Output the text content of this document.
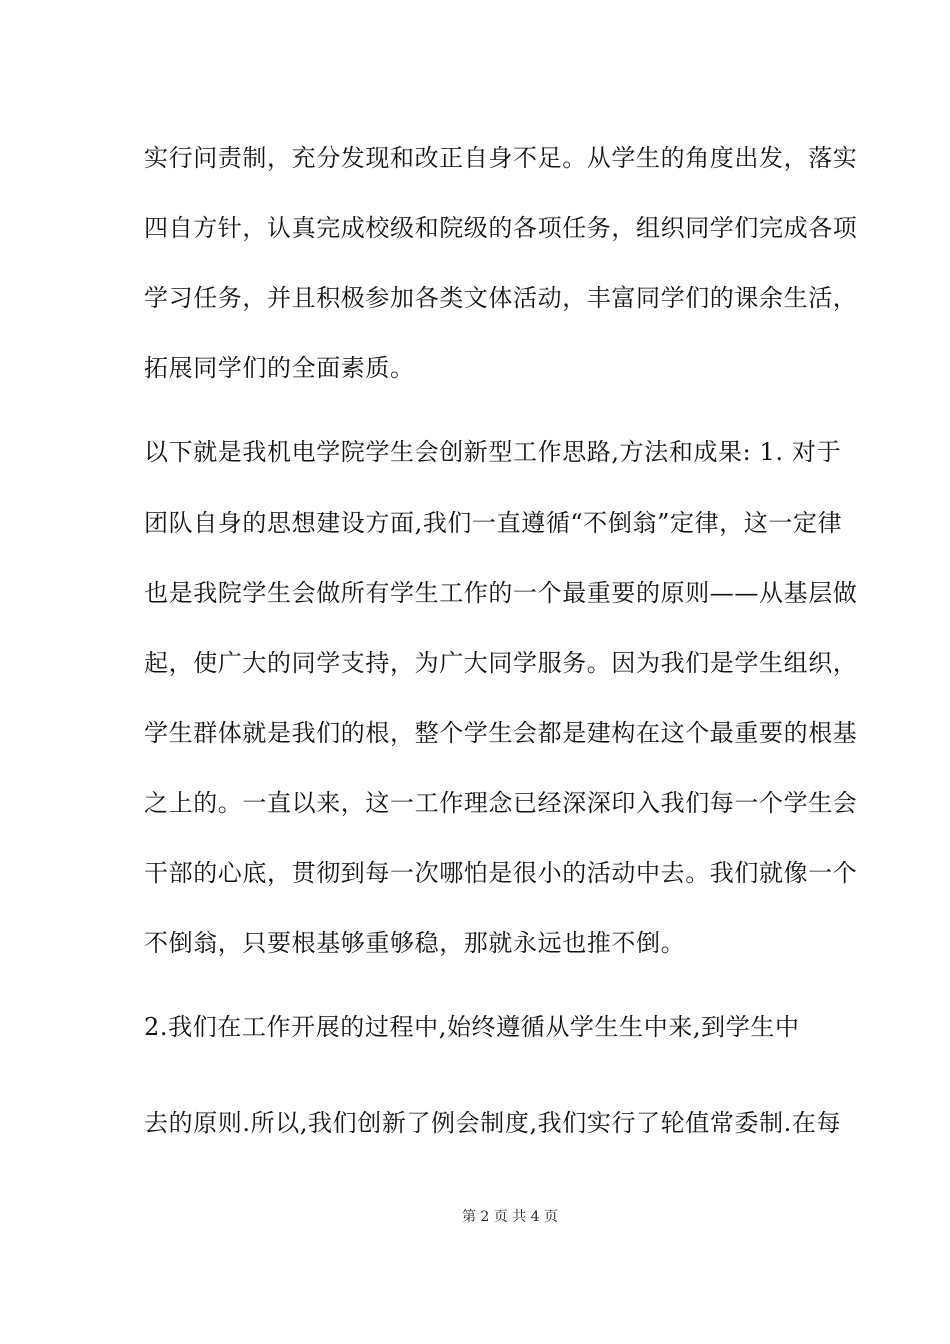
实行问责制，充分发现和改正自身不足。从学生的角度出发，落实
四自方针，认真完成校级和院级的各项任务，组织同学们完成各项
学习任务，并且积极参加各类文体活动，丰富同学们的课余生活，
拓展同学们的全面素质。
以下就是我机电学院学生会创新型工作思路,方法和成果: 1. 对于
团队自身的思想建设方面,我们一直遵循“不倒翁”定律，这一定律
也是我院学生会做所有学生工作的一个最重要的原则——从基层做
起，使广大的同学支持，为广大同学服务。因为我们是学生组织，
学生群体就是我们的根，整个学生会都是建构在这个最重要的根基
之上的。一直以来，这一工作理念已经深深印入我们每一个学生会
干部的心底，贯彻到每一次哪怕是很小的活动中去。我们就像一个
不倒翁，只要根基够重够稳，那就永远也推不倒。
2.我们在工作开展的过程中,始终遵循从学生生中来,到学生中
去的原则.所以,我们创新了例会制度,我们实行了轮值常委制.在每
第 2 页 共 4 页
